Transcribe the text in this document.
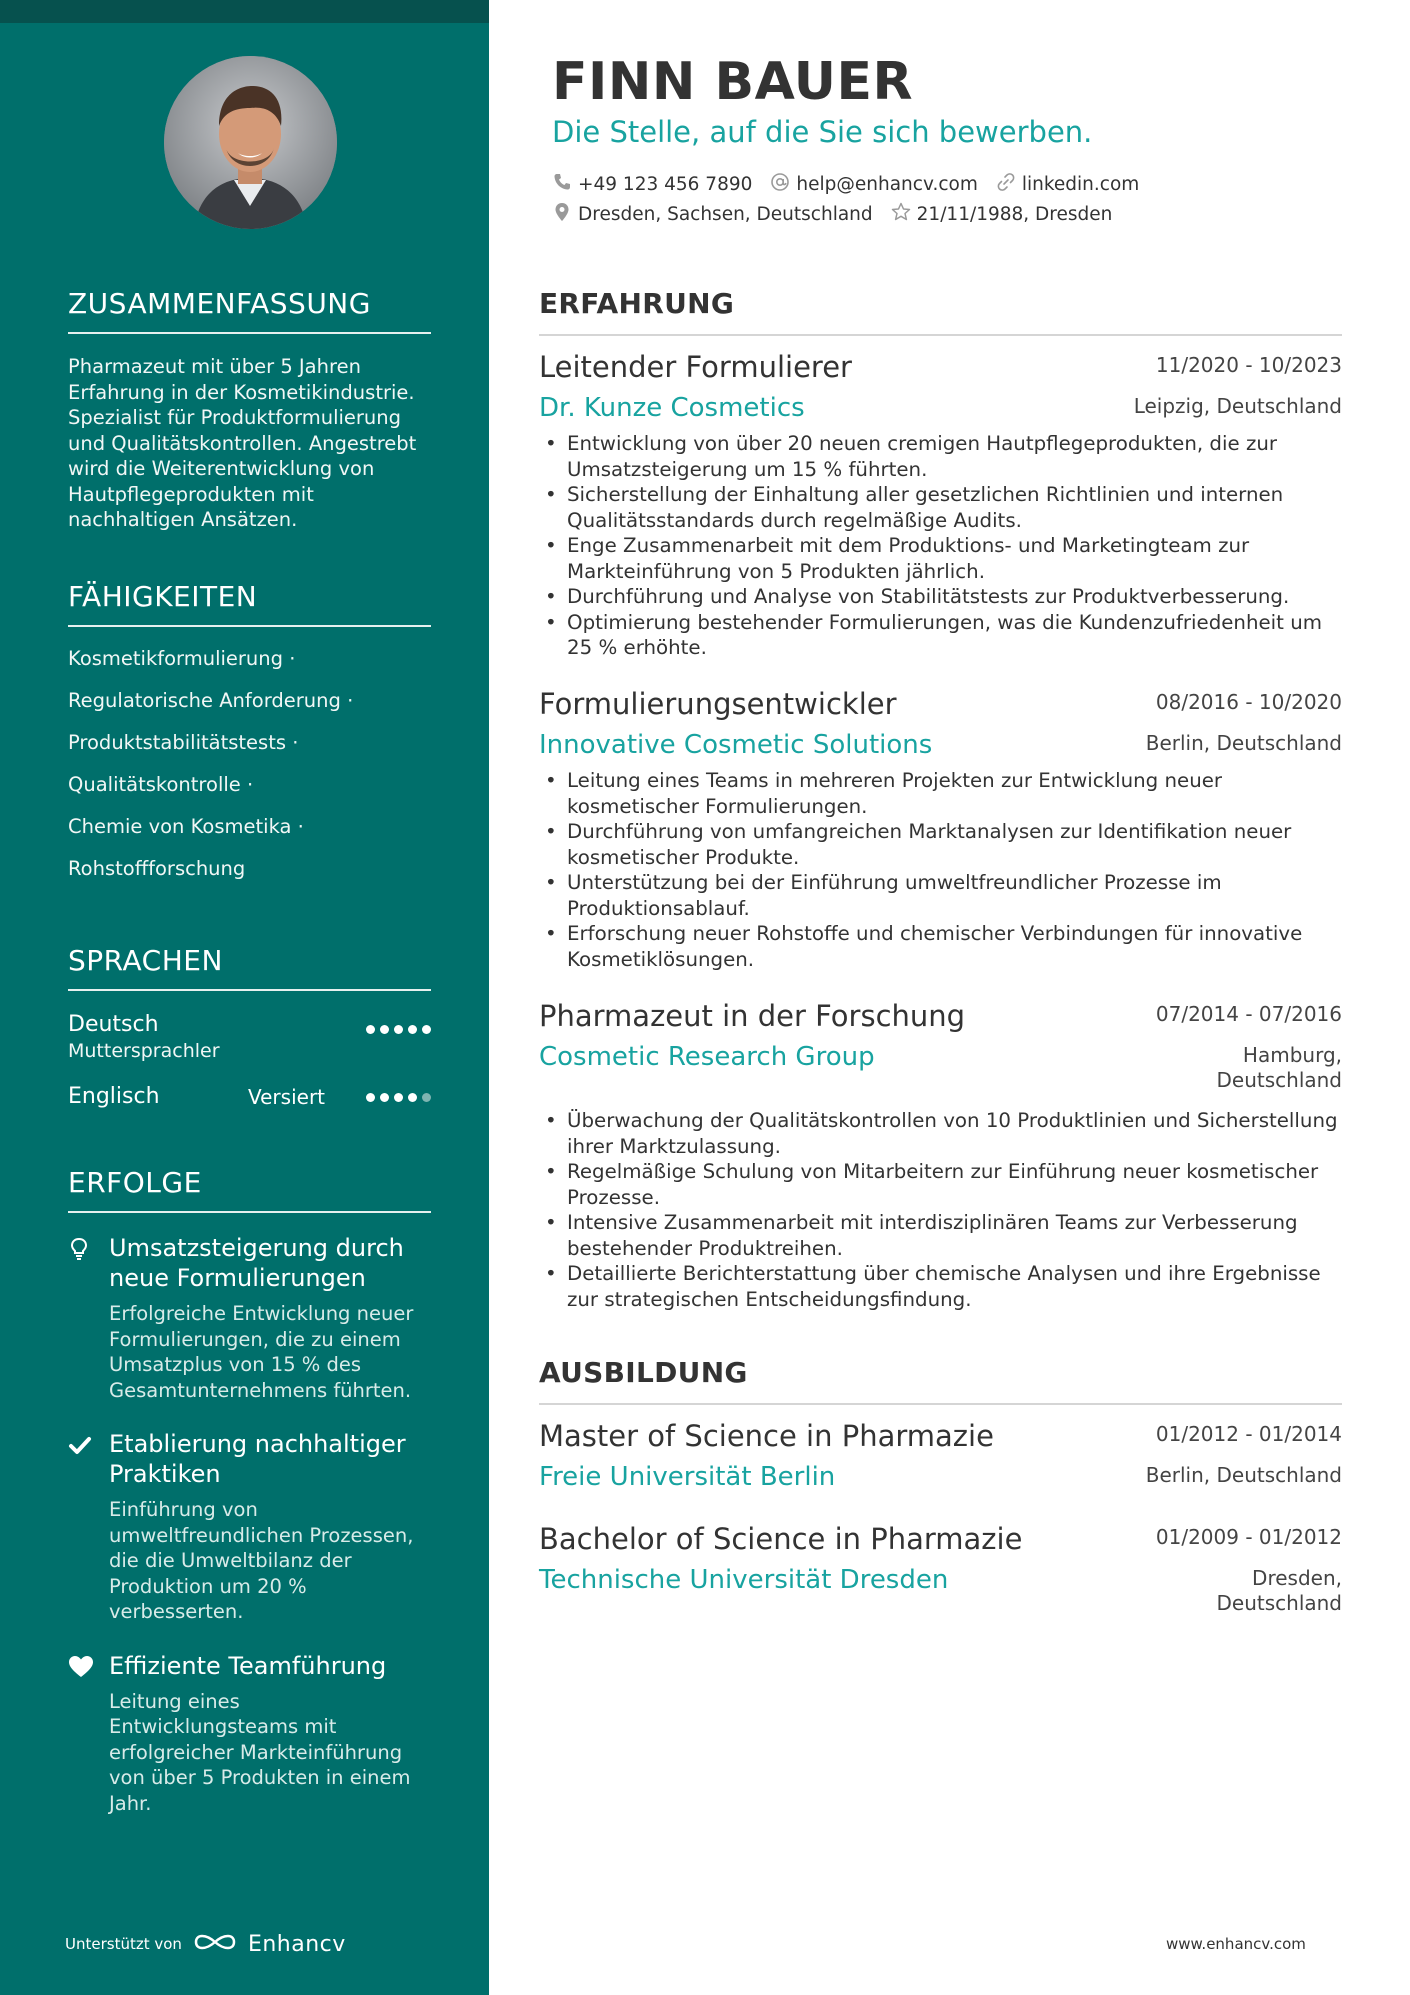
ZUSAMMENFASSUNG

Pharmazeut mit über 5 Jahren Erfahrung in der Kosmetikindustrie. Spezialist für Produktformulierung und Qualitätskontrollen. Angestrebt wird die Weiterentwicklung von Hautpflegeprodukten mit nachhaltigen Ansätzen.

FÄHIGKEITEN
Kosmetikformulierung ·
Regulatorische Anforderung ·
Produktstabilitätstests ·
Qualitätskontrolle ·
Chemie von Kosmetika ·
Rohstoffforschung
SPRACHEN
Deutsch
Muttersprachler
Englisch	Versiert
ERFOLGE
Umsatzsteigerung durch neue Formulierungen
Erfolgreiche Entwicklung neuer Formulierungen, die zu einem Umsatzplus von 15 % des Gesamtunternehmens führten.
Etablierung nachhaltiger Praktiken
Einführung von umweltfreundlichen Prozessen, die die Umweltbilanz der Produktion um 20 % verbesserten.
Effiziente Teamführung
Leitung eines Entwicklungsteams mit erfolgreicher Markteinführung von über 5 Produkten in einem Jahr.
Unterstützt von	Enhancv
FINN BAUER
Die Stelle, auf die Sie sich bewerben.
+49 123 456 7890 help@enhancv.com linkedin.com
Dresden, Sachsen, Deutschland 21/11/1988, Dresden
ERFAHRUNG
Leitender Formulierer	11/2020 - 10/2023
Dr. Kunze Cosmetics	Leipzig, Deutschland
• Entwicklung von über 20 neuen cremigen Hautpflegeprodukten, die zur Umsatzsteigerung um 15 % führten.
• Sicherstellung der Einhaltung aller gesetzlichen Richtlinien und internen Qualitätsstandards durch regelmäßige Audits.
• Enge Zusammenarbeit mit dem Produktions- und Marketingteam zur Markteinführung von 5 Produkten jährlich.
• Durchführung und Analyse von Stabilitätstests zur Produktverbesserung.
• Optimierung bestehender Formulierungen, was die Kundenzufriedenheit um 25 % erhöhte.
Formulierungsentwickler	08/2016 - 10/2020
Innovative Cosmetic Solutions	Berlin, Deutschland
• Leitung eines Teams in mehreren Projekten zur Entwicklung neuer kosmetischer Formulierungen.
• Durchführung von umfangreichen Marktanalysen zur Identifikation neuer kosmetischer Produkte.
• Unterstützung bei der Einführung umweltfreundlicher Prozesse im Produktionsablauf.
• Erforschung neuer Rohstoffe und chemischer Verbindungen für innovative Kosmetiklösungen.
Pharmazeut in der Forschung	07/2014 - 07/2016
Cosmetic Research Group	Hamburg,
Deutschland
• Überwachung der Qualitätskontrollen von 10 Produktlinien und Sicherstellung ihrer Marktzulassung.
• Regelmäßige Schulung von Mitarbeitern zur Einführung neuer kosmetischer Prozesse.
• Intensive Zusammenarbeit mit interdisziplinären Teams zur Verbesserung bestehender Produktreihen.
• Detaillierte Berichterstattung über chemische Analysen und ihre Ergebnisse zur strategischen Entscheidungsfindung.
AUSBILDUNG
Master of Science in Pharmazie	01/2012 - 01/2014
Freie Universität Berlin	Berlin, Deutschland
Bachelor of Science in Pharmazie	01/2009 - 01/2012
Technische Universität Dresden	Dresden,
Deutschland
www.enhancv.com
